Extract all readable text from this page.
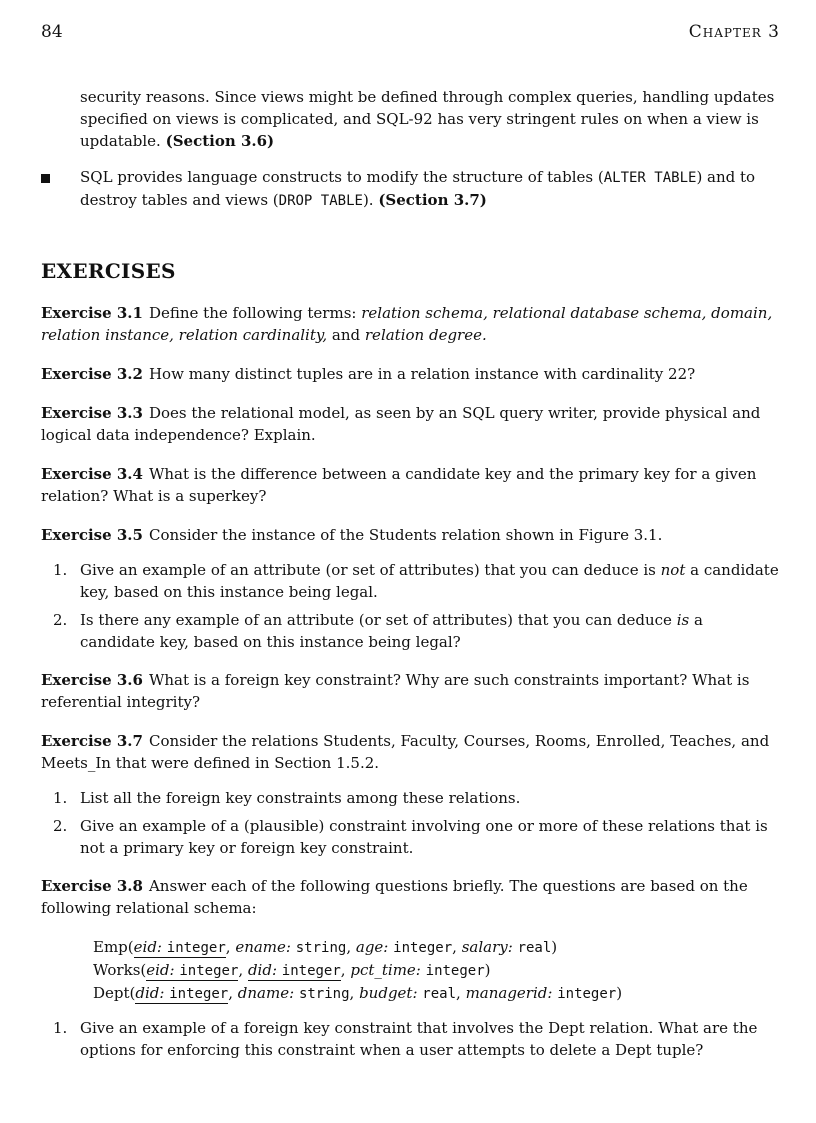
84	Chapter 3
security reasons. Since views might be defined through complex queries, handling updates specified on views is complicated, and SQL-92 has very stringent rules on when a view is updatable. (Section 3.6)
SQL provides language constructs to modify the structure of tables (ALTER TABLE) and to destroy tables and views (DROP TABLE). (Section 3.7)
EXERCISES
Exercise 3.1 Define the following terms: relation schema, relational database schema, domain, relation instance, relation cardinality, and relation degree.
Exercise 3.2 How many distinct tuples are in a relation instance with cardinality 22?
Exercise 3.3 Does the relational model, as seen by an SQL query writer, provide physical and logical data independence? Explain.
Exercise 3.4 What is the difference between a candidate key and the primary key for a given relation? What is a superkey?
Exercise 3.5 Consider the instance of the Students relation shown in Figure 3.1.
1. Give an example of an attribute (or set of attributes) that you can deduce is not a candidate key, based on this instance being legal.
2. Is there any example of an attribute (or set of attributes) that you can deduce is a candidate key, based on this instance being legal?
Exercise 3.6 What is a foreign key constraint? Why are such constraints important? What is referential integrity?
Exercise 3.7 Consider the relations Students, Faculty, Courses, Rooms, Enrolled, Teaches, and Meets_In that were defined in Section 1.5.2.
1. List all the foreign key constraints among these relations.
2. Give an example of a (plausible) constraint involving one or more of these relations that is not a primary key or foreign key constraint.
Exercise 3.8 Answer each of the following questions briefly. The questions are based on the following relational schema:
Emp(eid: integer, ename: string, age: integer, salary: real)
Works(eid: integer, did: integer, pct_time: integer)
Dept(did: integer, dname: string, budget: real, managerid: integer)
1. Give an example of a foreign key constraint that involves the Dept relation. What are the options for enforcing this constraint when a user attempts to delete a Dept tuple?
